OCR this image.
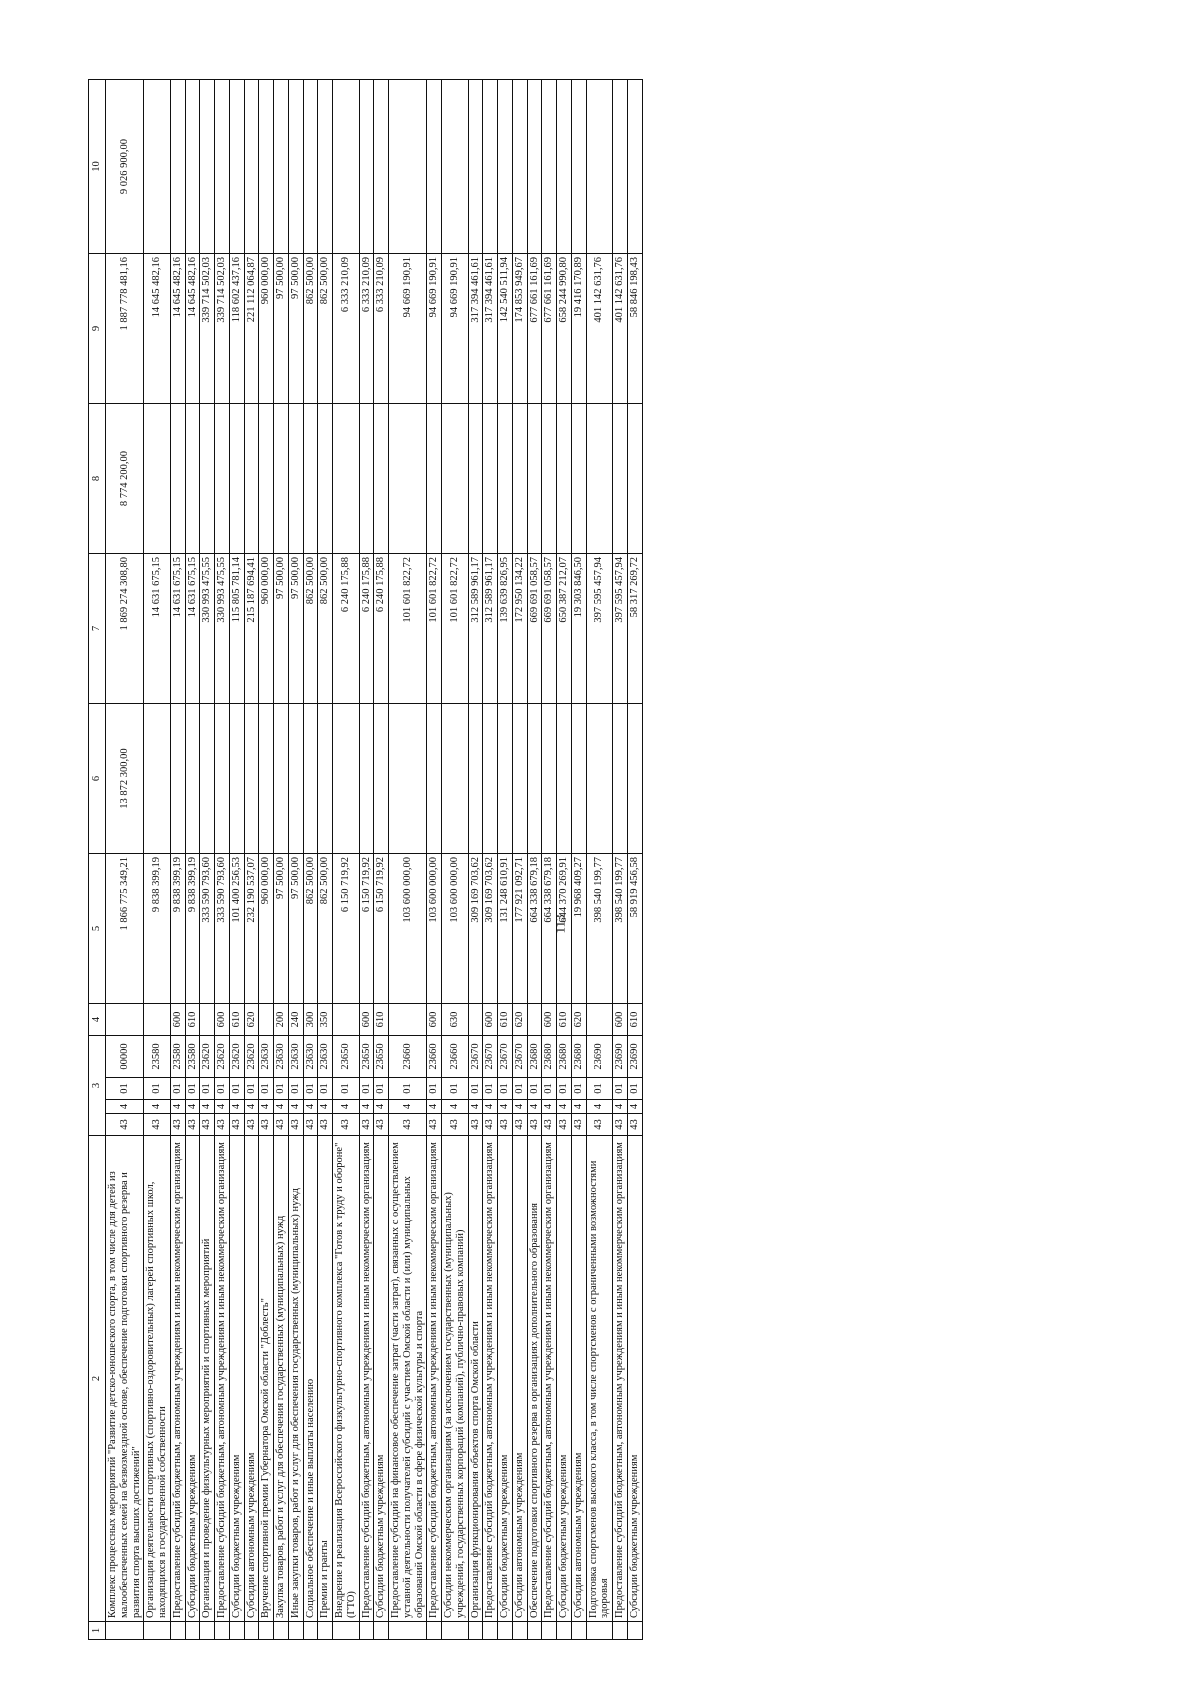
113
1	2	3				4	5	6	7	8	9	10
	Комплекс процессных мероприятий "Развитие детско-юношеского спорта, в том числе для детей из малообеспеченных семей на безвозмездной основе, обеспечение подготовки спортивного резерва и развития спорта высших достижений"	43	4	01	00000		1 866 775 349,21	13 872 300,00	1 869 274 308,80	8 774 200,00	1 887 778 481,16	9 026 900,00
	Организация деятельности спортивных (спортивно-оздоровительных) лагерей спортивных школ, находящихся в государственной собственности	43	4	01	23580		9 838 399,19		14 631 675,15		14 645 482,16	
	Предоставление субсидий бюджетным, автономным учреждениям и иным некоммерческим организациям	43	4	01	23580	600	9 838 399,19		14 631 675,15		14 645 482,16	
	Субсидии бюджетным учреждениям	43	4	01	23580	610	9 838 399,19		14 631 675,15		14 645 482,16	
	Организация и проведение физкультурных мероприятий и спортивных мероприятий	43	4	01	23620		333 590 793,60		330 993 475,55		339 714 502,03	
	Предоставление субсидий бюджетным, автономным учреждениям и иным некоммерческим организациям	43	4	01	23620	600	333 590 793,60		330 993 475,55		339 714 502,03	
	Субсидии бюджетным учреждениям	43	4	01	23620	610	101 400 256,53		115 805 781,14		118 602 437,16	
	Субсидии автономным учреждениям	43	4	01	23620	620	232 190 537,07		215 187 694,41		221 112 064,87	
	Вручение спортивной премии Губернатора Омской области "Доблесть"	43	4	01	23630		960 000,00		960 000,00		960 000,00	
	Закупка товаров, работ и услуг для обеспечения государственных (муниципальных) нужд	43	4	01	23630	200	97 500,00		97 500,00		97 500,00	
	Иные закупки товаров, работ и услуг для обеспечения государственных (муниципальных) нужд	43	4	01	23630	240	97 500,00		97 500,00		97 500,00	
	Социальное обеспечение и иные выплаты населению	43	4	01	23630	300	862 500,00		862 500,00		862 500,00	
	Премии и гранты	43	4	01	23630	350	862 500,00		862 500,00		862 500,00	
	Внедрение и реализация Всероссийского физкультурно-спортивного комплекса "Готов к труду и обороне" (ГТО)	43	4	01	23650		6 150 719,92		6 240 175,88		6 333 210,09	
	Предоставление субсидий бюджетным, автономным учреждениям и иным некоммерческим организациям	43	4	01	23650	600	6 150 719,92		6 240 175,88		6 333 210,09	
	Субсидии бюджетным учреждениям	43	4	01	23650	610	6 150 719,92		6 240 175,88		6 333 210,09	
	Предоставление субсидий на финансовое обеспечение затрат (части затрат), связанных с осуществлением уставной деятельности получателей субсидий с участием Омской области и (или) муниципальных образований Омской области в сфере физической культуры и спорта	43	4	01	23660		103 600 000,00		101 601 822,72		94 669 190,91	
	Предоставление субсидий бюджетным, автономным учреждениям и иным некоммерческим организациям	43	4	01	23660	600	103 600 000,00		101 601 822,72		94 669 190,91	
	Субсидии некоммерческим организациям (за исключением государственных (муниципальных) учреждений, государственных корпораций (компаний), публично-правовых компаний)	43	4	01	23660	630	103 600 000,00		101 601 822,72		94 669 190,91	
	Организация функционирования объектов спорта Омской области	43	4	01	23670		309 169 703,62		312 589 961,17		317 394 461,61	
	Предоставление субсидий бюджетным, автономным учреждениям и иным некоммерческим организациям	43	4	01	23670	600	309 169 703,62		312 589 961,17		317 394 461,61	
	Субсидии бюджетным учреждениям	43	4	01	23670	610	131 248 610,91		139 639 826,95		142 540 511,94	
	Субсидии автономным учреждениям	43	4	01	23670	620	177 921 092,71		172 950 134,22		174 853 949,67	
	Обеспечение подготовки спортивного резерва в организациях дополнительного образования	43	4	01	23680		664 338 679,18		669 691 058,57		677 661 161,69	
	Предоставление субсидий бюджетным, автономным учреждениям и иным некоммерческим организациям	43	4	01	23680	600	664 338 679,18		669 691 058,57		677 661 161,69	
	Субсидии бюджетным учреждениям	43	4	01	23680	610	644 370 269,91		650 387 212,07		658 244 990,80	
	Субсидии автономным учреждениям	43	4	01	23680	620	19 968 409,27		19 303 846,50		19 416 170,89	
	Подготовка спортсменов высокого класса, в том числе спортсменов с ограниченными возможностями здоровья	43	4	01	23690		398 540 199,77		397 595 457,94		401 142 631,76	
	Предоставление субсидий бюджетным, автономным учреждениям и иным некоммерческим организациям	43	4	01	23690	600	398 540 199,77		397 595 457,94		401 142 631,76	
	Субсидии бюджетным учреждениям	43	4	01	23690	610	58 919 456,58		58 317 269,72		58 846 198,43	
